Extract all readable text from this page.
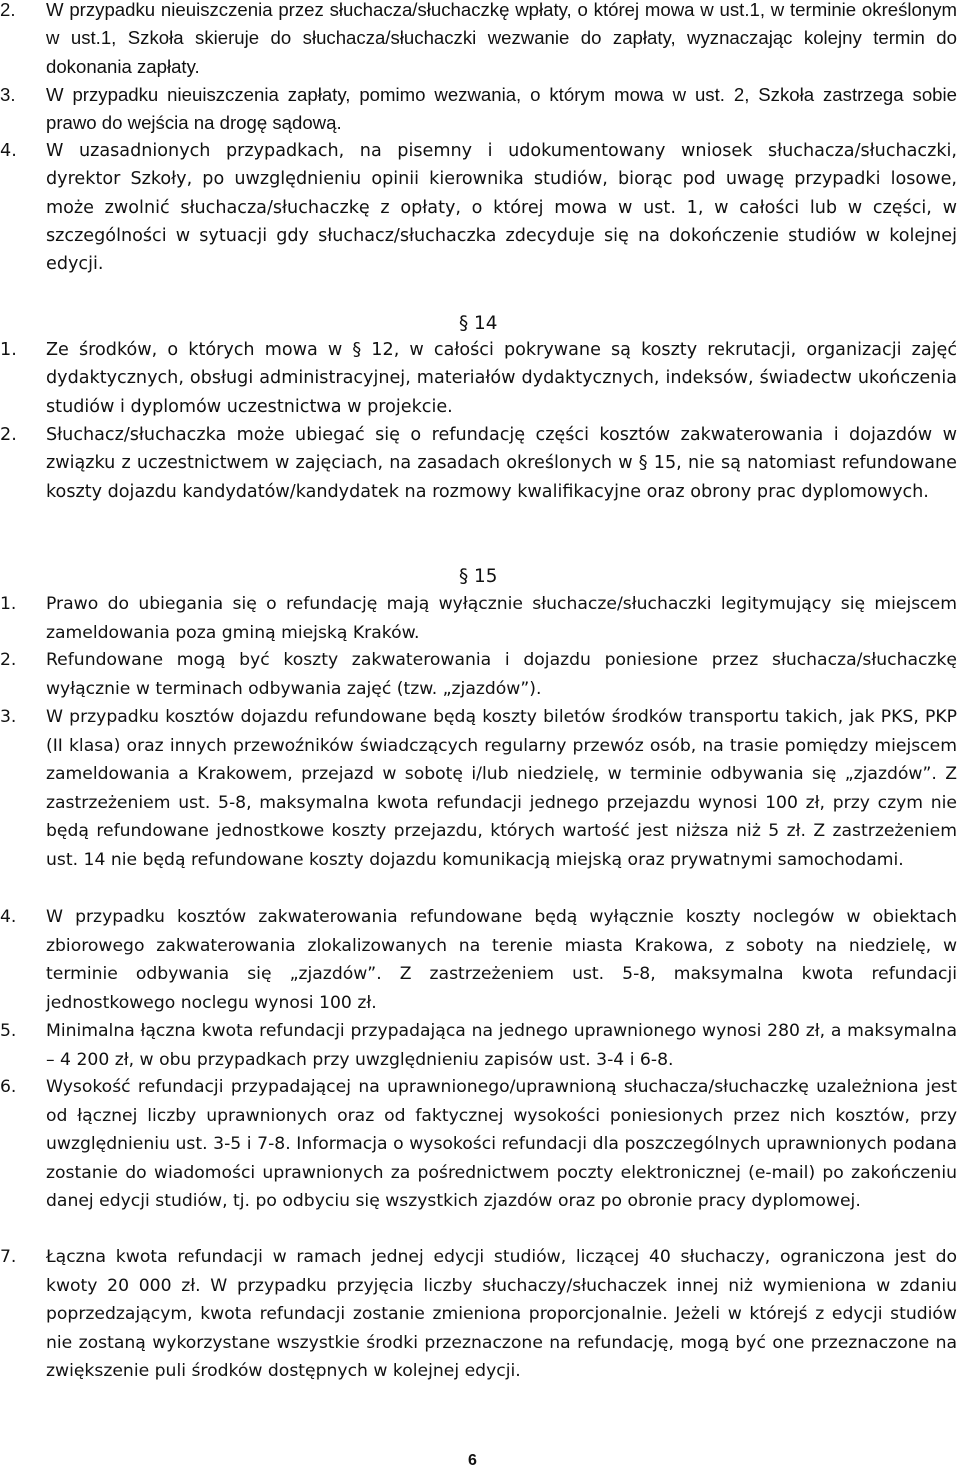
2. W przypadku nieuiszczenia przez słuchacza/słuchaczkę wpłaty, o której mowa w ust.1, w terminie określonym w ust.1, Szkoła skieruje do słuchacza/słuchaczki wezwanie do zapłaty, wyznaczając kolejny termin do dokonania zapłaty.
3. W przypadku nieuiszczenia zapłaty, pomimo wezwania, o którym mowa w ust. 2, Szkoła zastrzega sobie prawo do wejścia na drogę sądową.
4. W uzasadnionych przypadkach, na pisemny i udokumentowany wniosek słuchacza/słuchaczki, dyrektor Szkoły, po uwzględnieniu opinii kierownika studiów, biorąc pod uwagę przypadki losowe, może zwolnić słuchacza/słuchaczkę z opłaty, o której mowa w ust. 1, w całości lub w części, w szczególności w sytuacji gdy słuchacz/słuchaczka zdecyduje się na dokończenie studiów w kolejnej edycji.
§ 14
1. Ze środków, o których mowa w § 12, w całości pokrywane są koszty rekrutacji, organizacji zajęć dydaktycznych, obsługi administracyjnej, materiałów dydaktycznych, indeksów, świadectw ukończenia studiów i dyplomów uczestnictwa w projekcie.
2. Słuchacz/słuchaczka może ubiegać się o refundację części kosztów zakwaterowania i dojazdów w związku z uczestnictwem w zajęciach, na zasadach określonych w § 15, nie są natomiast refundowane koszty dojazdu kandydatów/kandydatek na rozmowy kwalifikacyjne oraz obrony prac dyplomowych.
§ 15
1. Prawo do ubiegania się o refundację mają wyłącznie słuchacze/słuchaczki legitymujący się miejscem zameldowania poza gminą miejską Kraków.
2. Refundowane mogą być koszty zakwaterowania i dojazdu poniesione przez słuchacza/słuchaczkę wyłącznie w terminach odbywania zajęć (tzw. „zjazdów”).
3. W przypadku kosztów dojazdu refundowane będą koszty biletów środków transportu takich, jak PKS, PKP (II klasa) oraz innych przewoźników świadczących regularny przewóz osób, na trasie pomiędzy miejscem zameldowania a Krakowem, przejazd w sobotę i/lub niedzielę, w terminie odbywania się „zjazdów”. Z zastrzeżeniem ust. 5-8, maksymalna kwota refundacji jednego przejazdu wynosi 100 zł, przy czym nie będą refundowane jednostkowe koszty przejazdu, których wartość jest niższa niż 5 zł. Z zastrzeżeniem ust. 14 nie będą refundowane koszty dojazdu komunikacją miejską oraz prywatnymi samochodami.
4. W przypadku kosztów zakwaterowania refundowane będą wyłącznie koszty noclegów w obiektach zbiorowego zakwaterowania zlokalizowanych na terenie miasta Krakowa, z soboty na niedzielę, w terminie odbywania się „zjazdów”. Z zastrzeżeniem ust. 5-8, maksymalna kwota refundacji jednostkowego noclegu wynosi 100 zł.
5. Minimalna łączna kwota refundacji przypadająca na jednego uprawnionego wynosi 280 zł, a maksymalna – 4 200 zł, w obu przypadkach przy uwzględnieniu zapisów ust. 3-4 i 6-8.
6. Wysokość refundacji przypadającej na uprawnionego/uprawnioną słuchacza/słuchaczkę uzależniona jest od łącznej liczby uprawnionych oraz od faktycznej wysokości poniesionych przez nich kosztów, przy uwzględnieniu ust. 3-5 i 7-8. Informacja o wysokości refundacji dla poszczególnych uprawnionych podana zostanie do wiadomości uprawnionych za pośrednictwem poczty elektronicznej (e-mail) po zakończeniu danej edycji studiów, tj. po odbyciu się wszystkich zjazdów oraz po obronie pracy dyplomowej.
7. Łączna kwota refundacji w ramach jednej edycji studiów, liczącej 40 słuchaczy, ograniczona jest do kwoty 20 000 zł. W przypadku przyjęcia liczby słuchaczy/słuchaczek innej niż wymieniona w zdaniu poprzedzającym, kwota refundacji zostanie zmieniona proporcjonalnie. Jeżeli w którejś z edycji studiów nie zostaną wykorzystane wszystkie środki przeznaczone na refundację, mogą być one przeznaczone na zwiększenie puli środków dostępnych w kolejnej edycji.
6
